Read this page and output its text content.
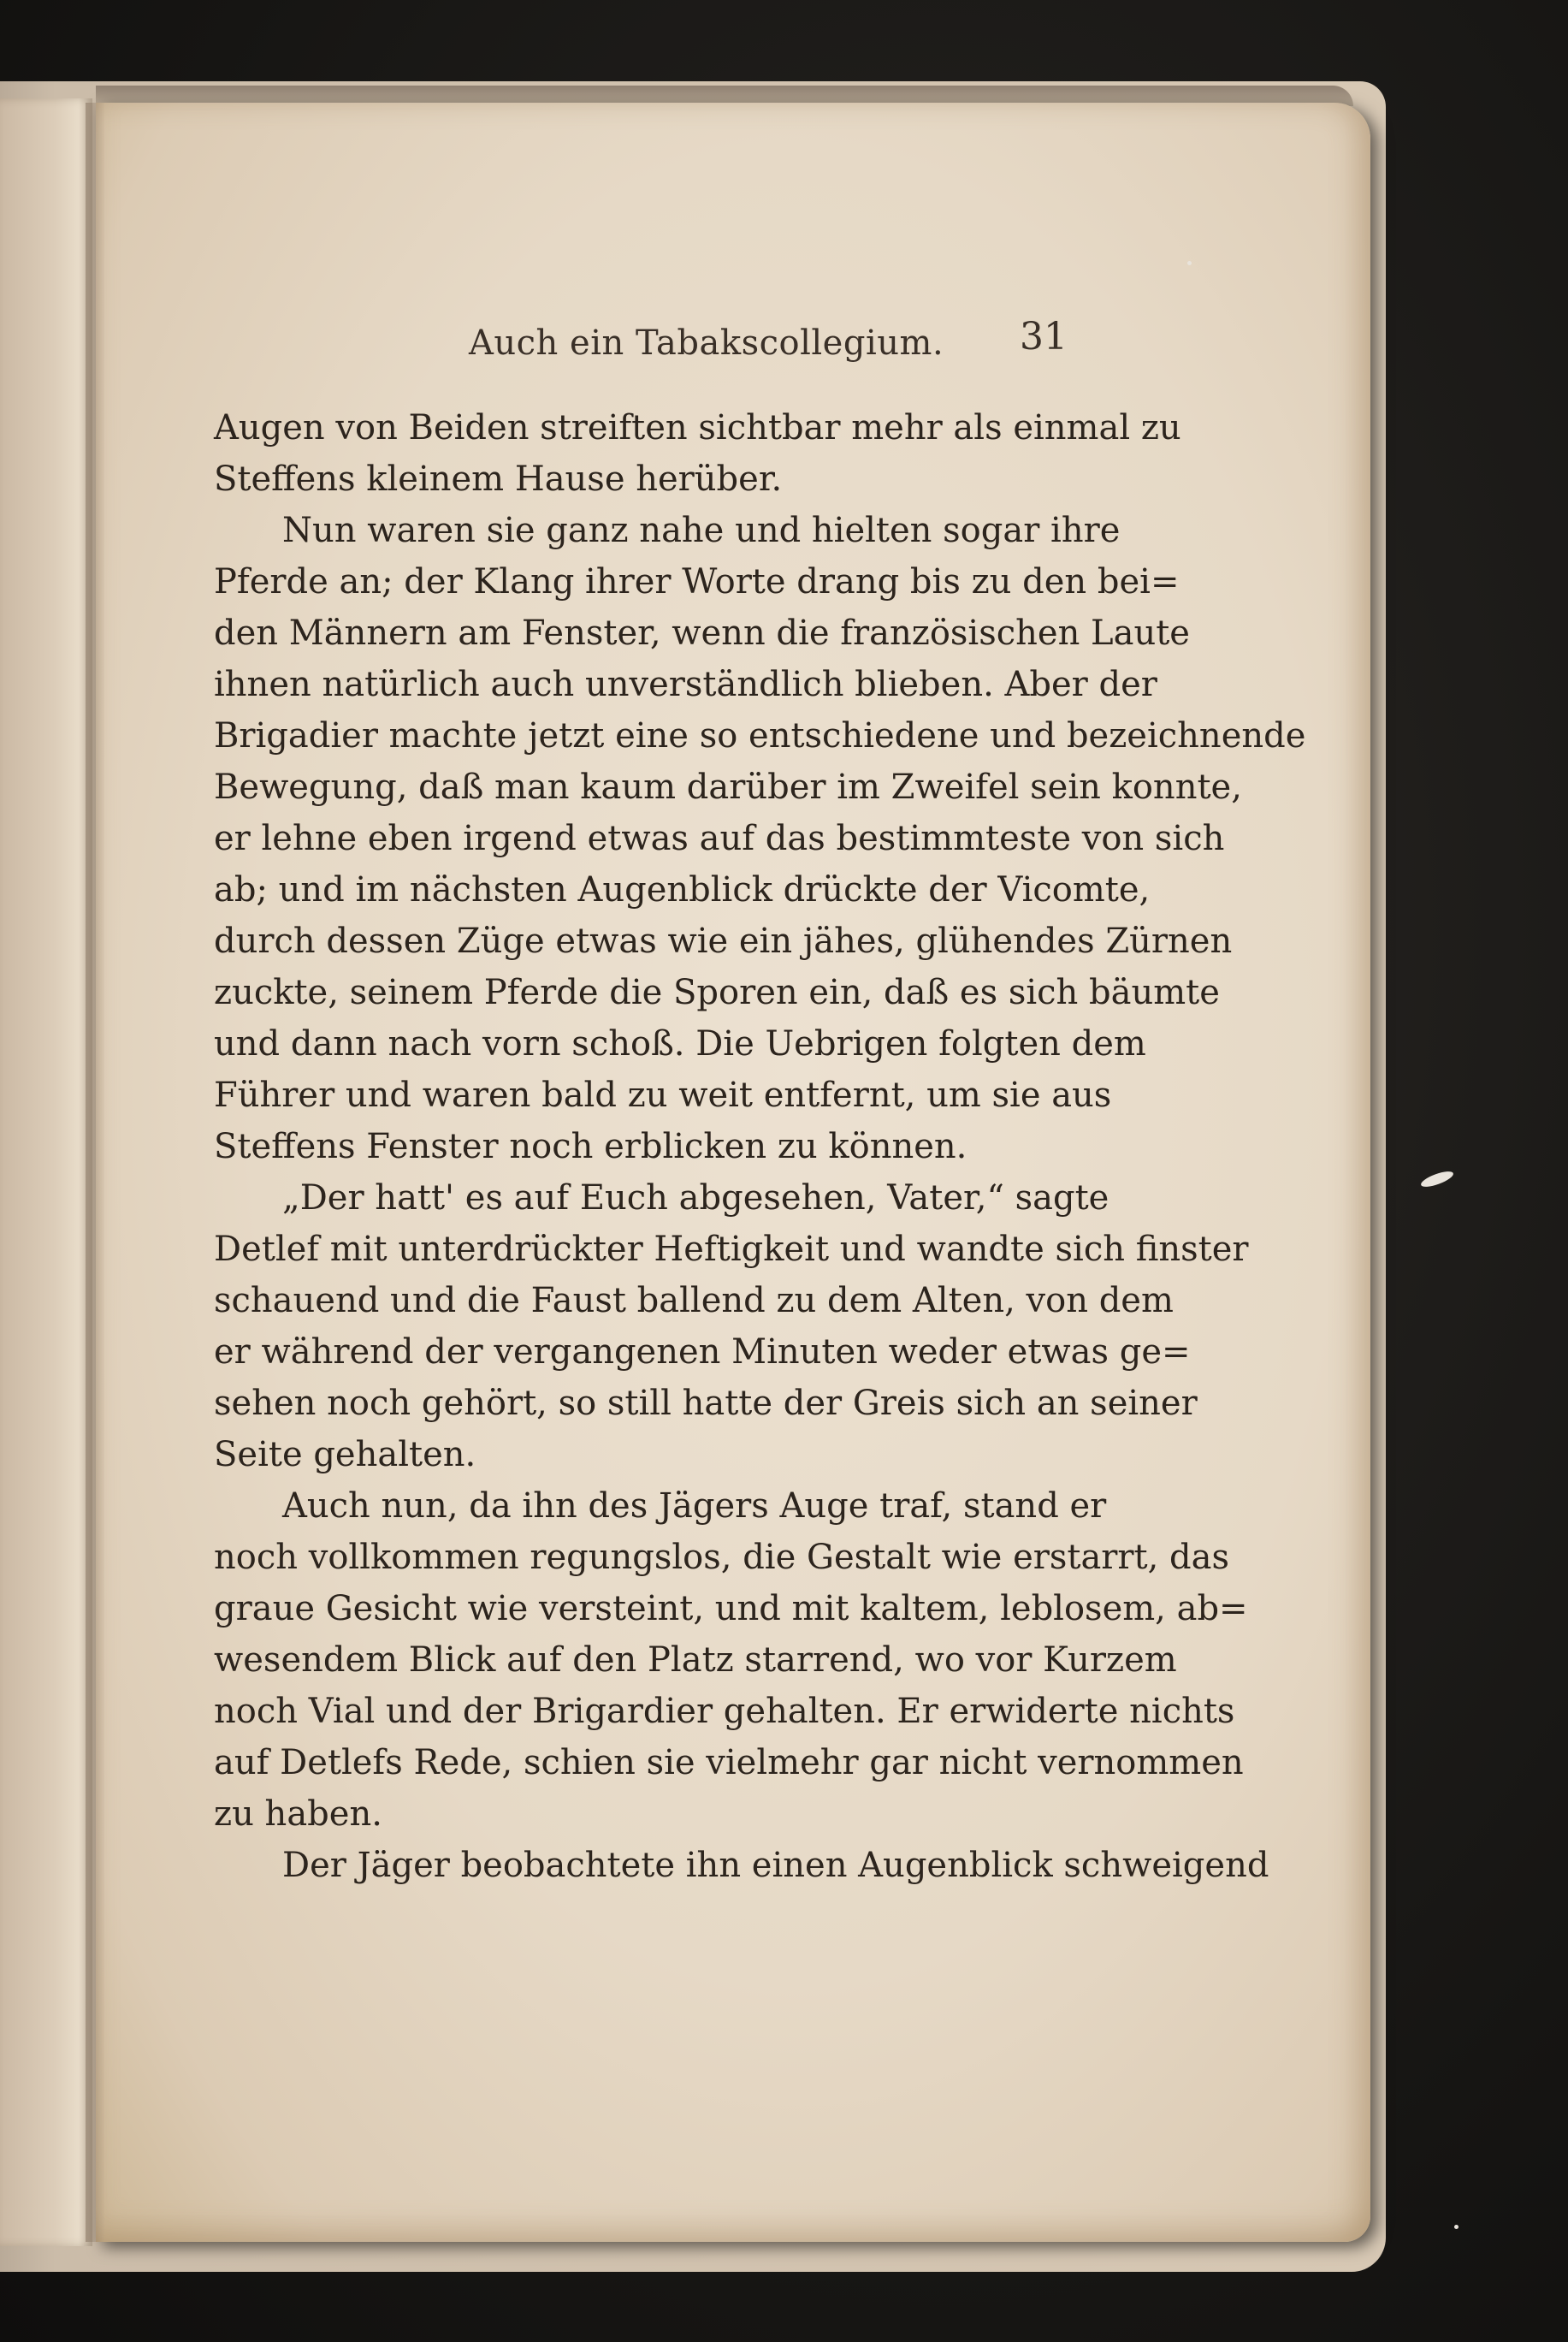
Auch ein Tabakscollegium. 31
Augen von Beiden streiften sichtbar mehr als einmal zu
Steffens kleinem Hause herüber.
Nun waren sie ganz nahe und hielten sogar ihre
Pferde an; der Klang ihrer Worte drang bis zu den bei=
den Männern am Fenster, wenn die französischen Laute
ihnen natürlich auch unverständlich blieben. Aber der
Brigadier machte jetzt eine so entschiedene und bezeichnende
Bewegung, daß man kaum darüber im Zweifel sein konnte,
er lehne eben irgend etwas auf das bestimmteste von sich
ab; und im nächsten Augenblick drückte der Vicomte,
durch dessen Züge etwas wie ein jähes, glühendes Zürnen
zuckte, seinem Pferde die Sporen ein, daß es sich bäumte
und dann nach vorn schoß. Die Uebrigen folgten dem
Führer und waren bald zu weit entfernt, um sie aus
Steffens Fenster noch erblicken zu können.
„Der hatt' es auf Euch abgesehen, Vater,“ sagte
Detlef mit unterdrückter Heftigkeit und wandte sich finster
schauend und die Faust ballend zu dem Alten, von dem
er während der vergangenen Minuten weder etwas ge=
sehen noch gehört, so still hatte der Greis sich an seiner
Seite gehalten.
Auch nun, da ihn des Jägers Auge traf, stand er
noch vollkommen regungslos, die Gestalt wie erstarrt, das
graue Gesicht wie versteint, und mit kaltem, leblosem, ab=
wesendem Blick auf den Platz starrend, wo vor Kurzem
noch Vial und der Brigardier gehalten. Er erwiderte nichts
auf Detlefs Rede, schien sie vielmehr gar nicht vernommen
zu haben.
Der Jäger beobachtete ihn einen Augenblick schweigend
